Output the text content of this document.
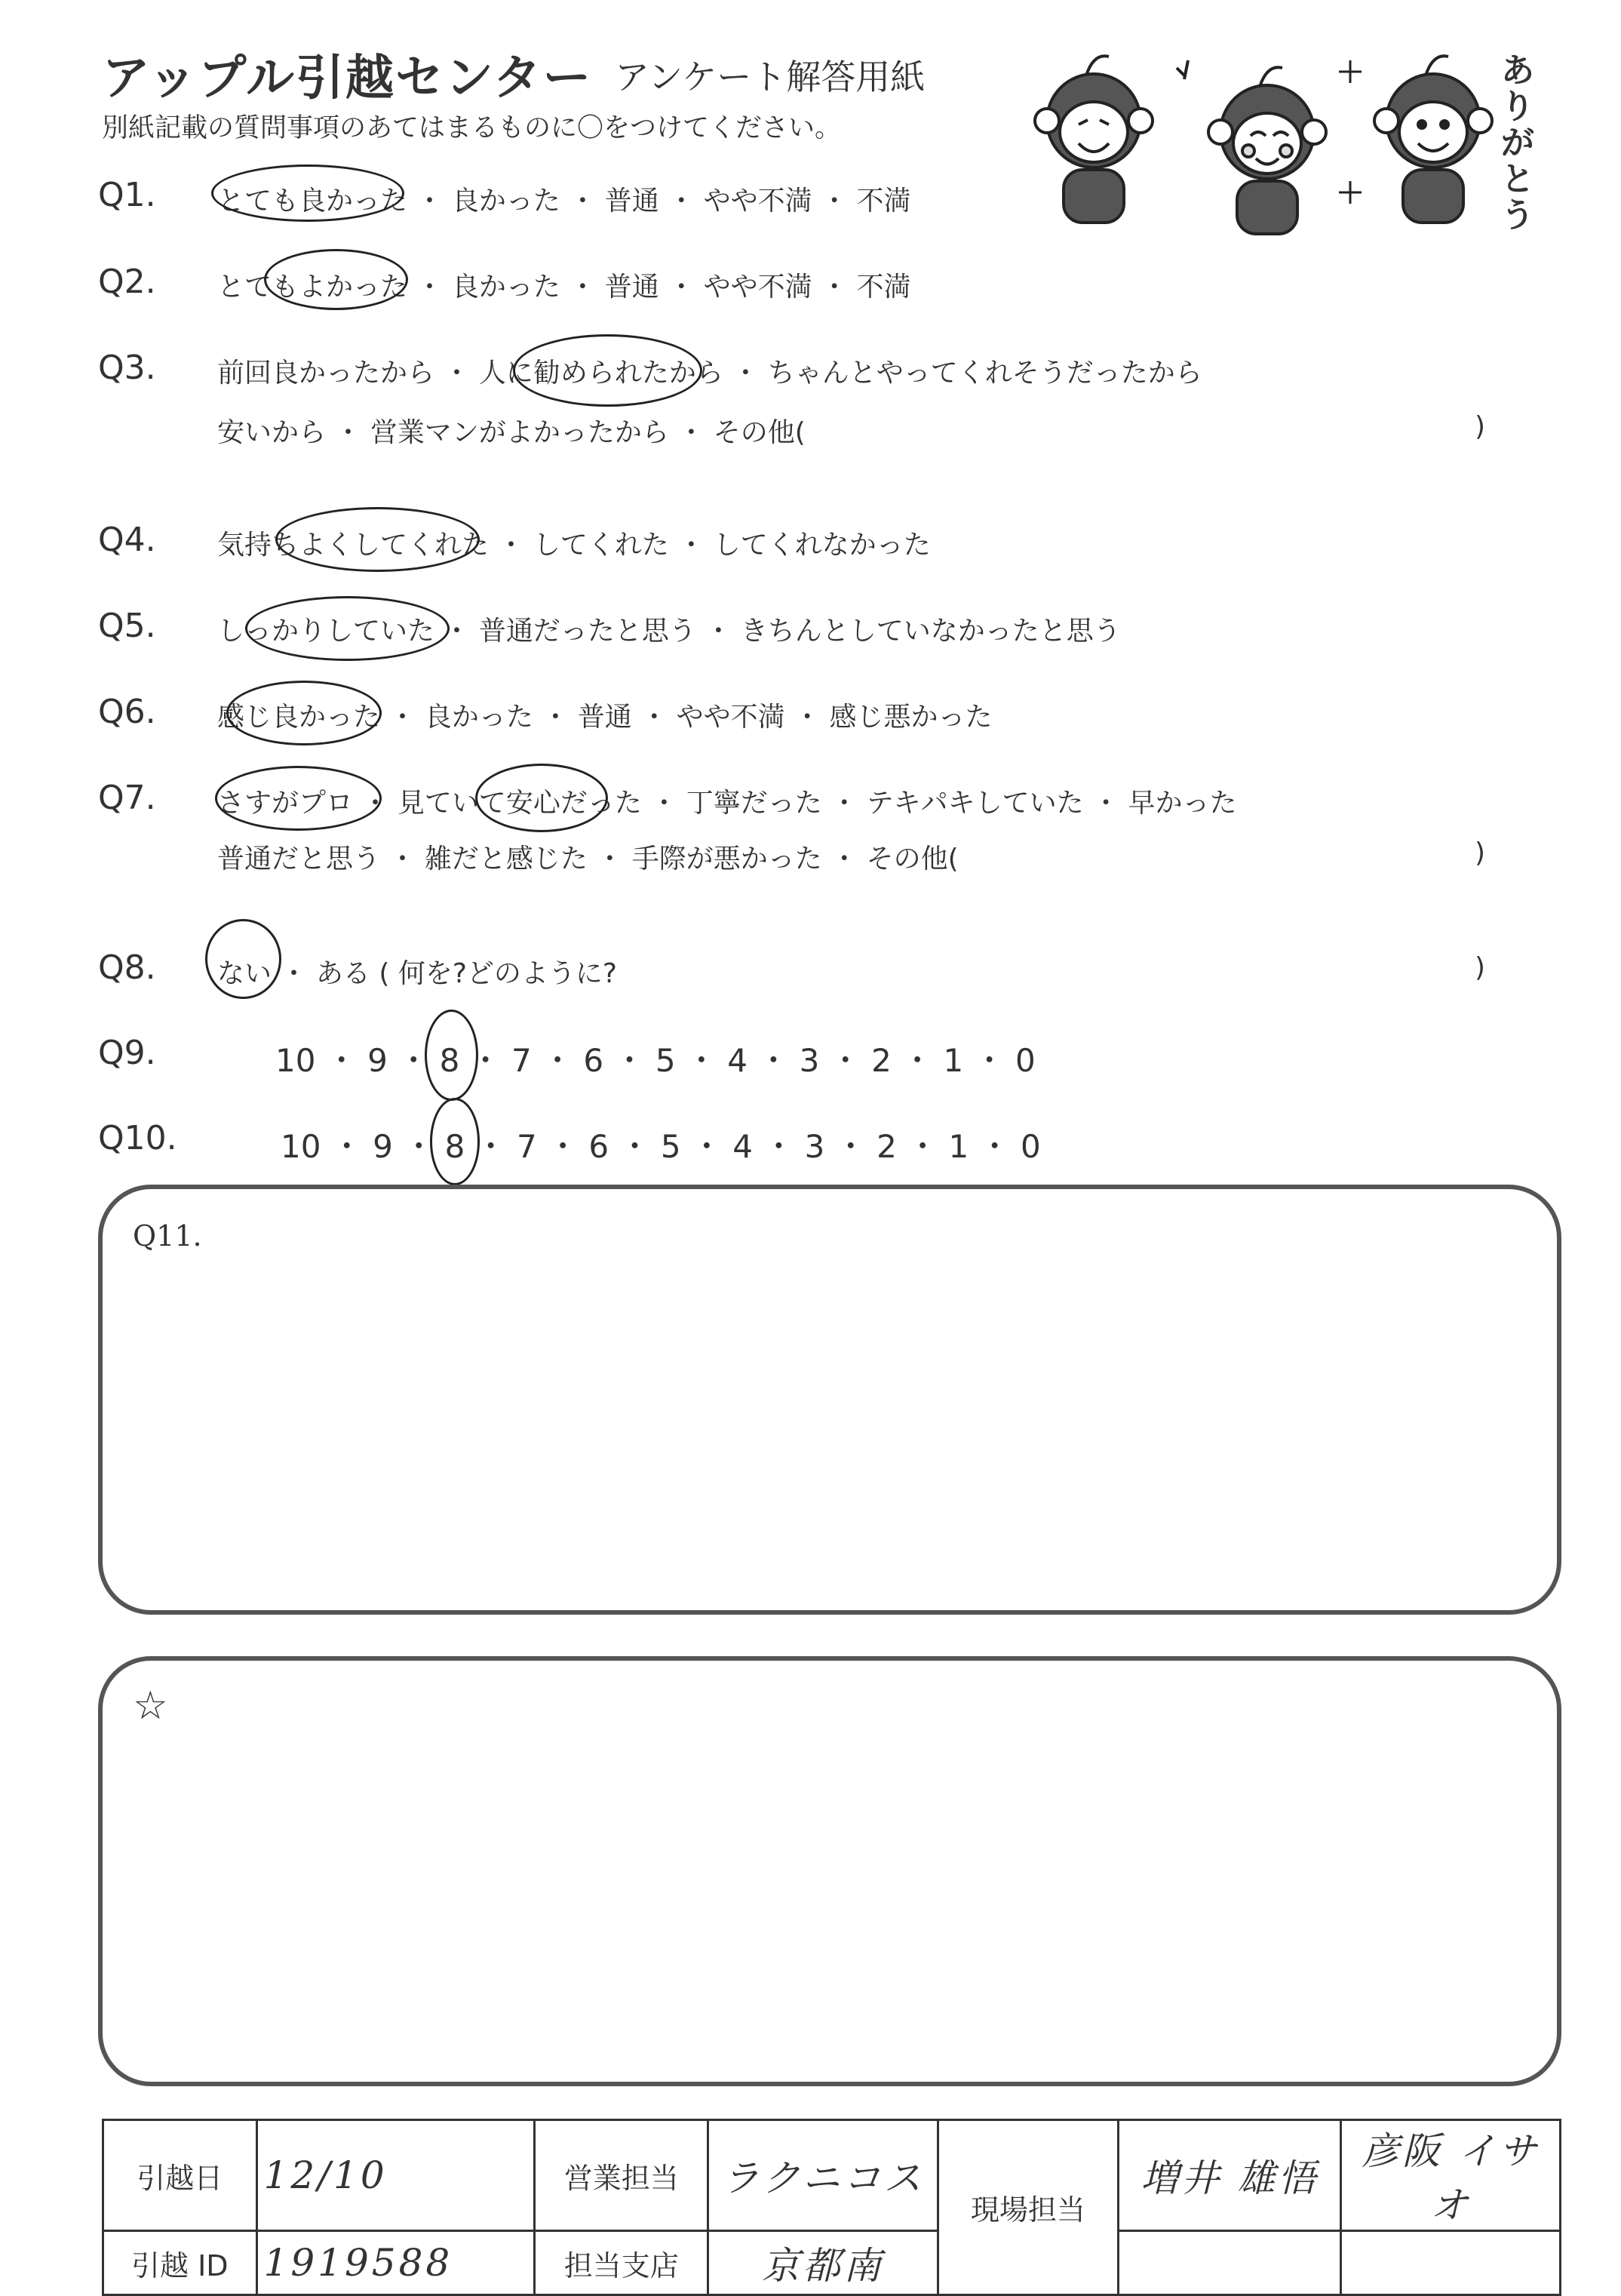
アップル引越センター アンケート解答用紙
別紙記載の質問事項のあてはまるものに〇をつけてください。
ありがとう
Q1. とても良かった ・ 良かった ・ 普通 ・ やや不満 ・ 不満
Q2. とてもよかった ・ 良かった ・ 普通 ・ やや不満 ・ 不満
Q3. 前回良かったから ・ 人に勧められたから ・ ちゃんとやってくれそうだったから
安いから ・ 営業マンがよかったから ・ その他(	)
Q4. 気持ちよくしてくれた ・ してくれた ・ してくれなかった
Q5. しっかりしていた ・ 普通だったと思う ・ きちんとしていなかったと思う
Q6. 感じ良かった ・ 良かった ・ 普通 ・ やや不満 ・ 感じ悪かった
Q7. さすがプロ ・ 見ていて安心だった ・ 丁寧だった ・ テキパキしていた ・ 早かった
普通だと思う ・ 雑だと感じた ・ 手際が悪かった ・ その他(	)
Q8. ない ・ ある ( 何を?どのように?	)
Q9.	10 ・ 9 ・ 8 ・ 7 ・ 6 ・ 5 ・ 4 ・ 3 ・ 2 ・ 1 ・ 0
Q10.	10 ・ 9 ・ 8 ・ 7 ・ 6 ・ 5 ・ 4 ・ 3 ・ 2 ・ 1 ・ 0
Q11.
☆
引越日	12/10	営業担当	ラクニコス	現場担当	増井 雄悟	彦阪 イサオ
引越 ID	1919588	担当支店	京都南			
